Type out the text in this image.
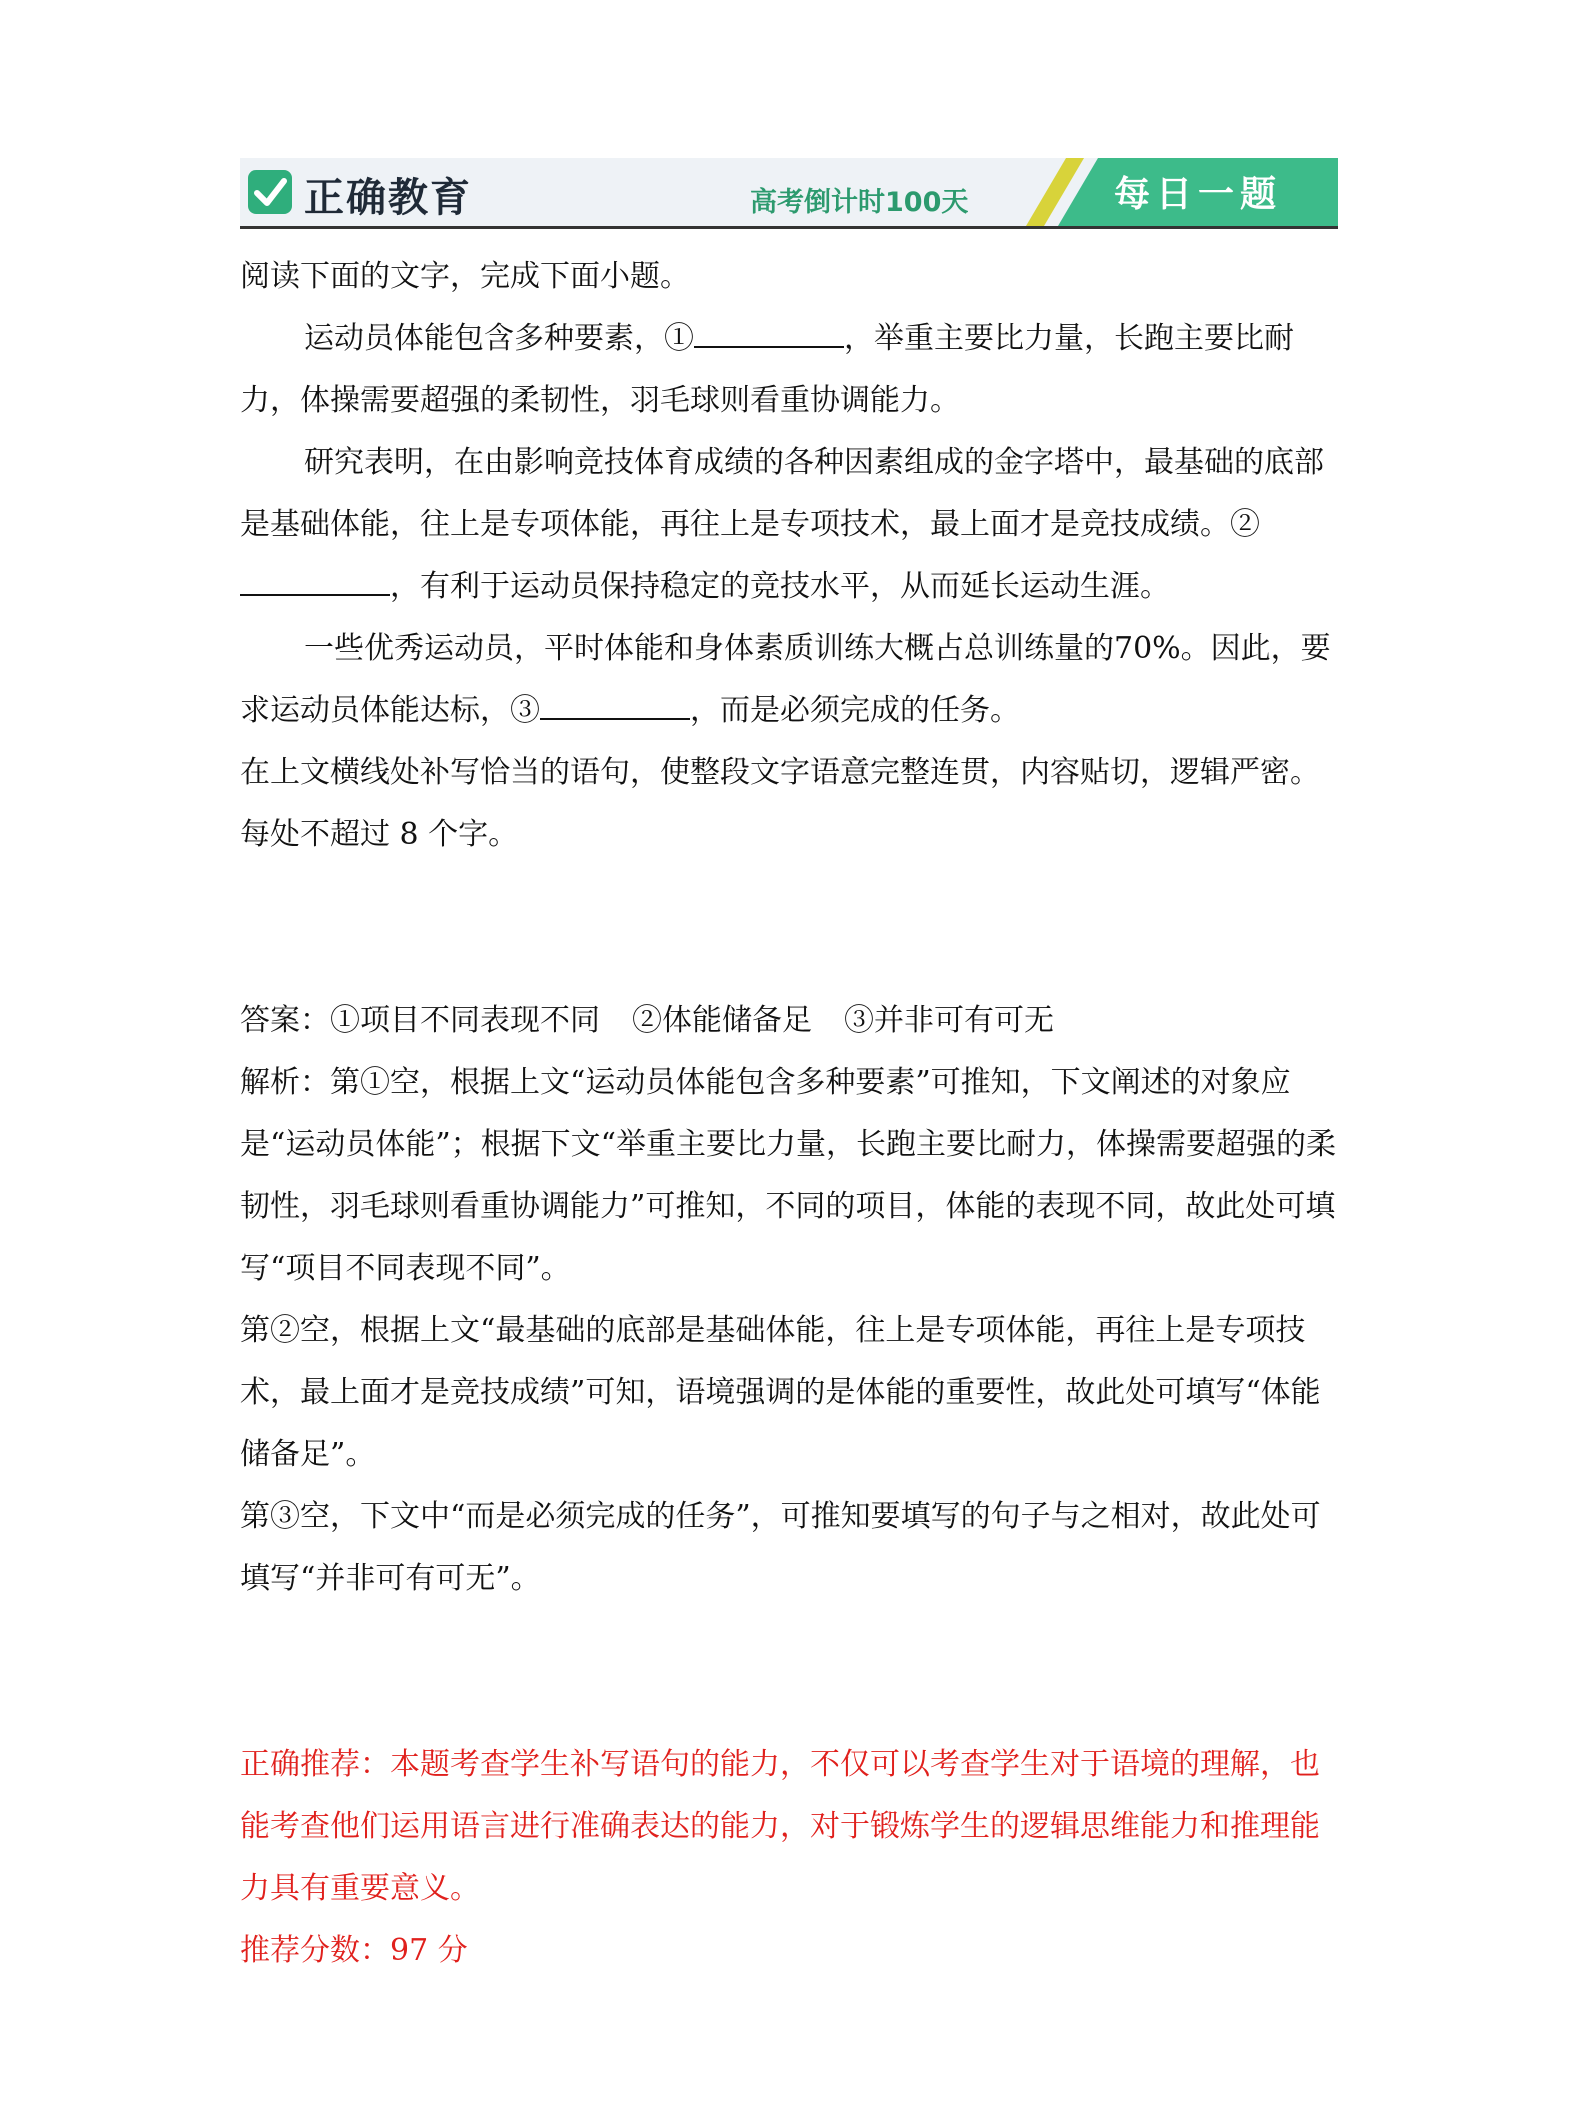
正确教育	高考倒计时100天	每日一题

阅读下面的文字，完成下面小题。

运动员体能包含多种要素，①	，举重主要比力量，长跑主要比耐力，体操需要超强的柔韧性，羽毛球则看重协调能力。

研究表明，在由影响竞技体育成绩的各种因素组成的金字塔中，最基础的底部是基础体能，往上是专项体能，再往上是专项技术，最上面才是竞技成绩。②，有利于运动员保持稳定的竞技水平，从而延长运动生涯。

一些优秀运动员，平时体能和身体素质训练大概占总训练量的70%。因此，要求运动员体能达标，③	，而是必须完成的任务。

在上文横线处补写恰当的语句，使整段文字语意完整连贯，内容贴切，逻辑严密。每处不超过 8 个字。

答案：①项目不同表现不同 ②体能储备足 ③并非可有可无

解析：第①空，根据上文“运动员体能包含多种要素”可推知，下文阐述的对象应是“运动员体能”；根据下文“举重主要比力量，长跑主要比耐力，体操需要超强的柔韧性，羽毛球则看重协调能力”可推知，不同的项目，体能的表现不同，故此处可填写“项目不同表现不同”。

第②空，根据上文“最基础的底部是基础体能，往上是专项体能，再往上是专项技术，最上面才是竞技成绩”可知，语境强调的是体能的重要性，故此处可填写“体能储备足”。

第③空，下文中“而是必须完成的任务”，可推知要填写的句子与之相对，故此处可填写“并非可有可无”。

正确推荐：本题考查学生补写语句的能力，不仅可以考查学生对于语境的理解，也能考查他们运用语言进行准确表达的能力，对于锻炼学生的逻辑思维能力和推理能力具有重要意义。

推荐分数：97 分
